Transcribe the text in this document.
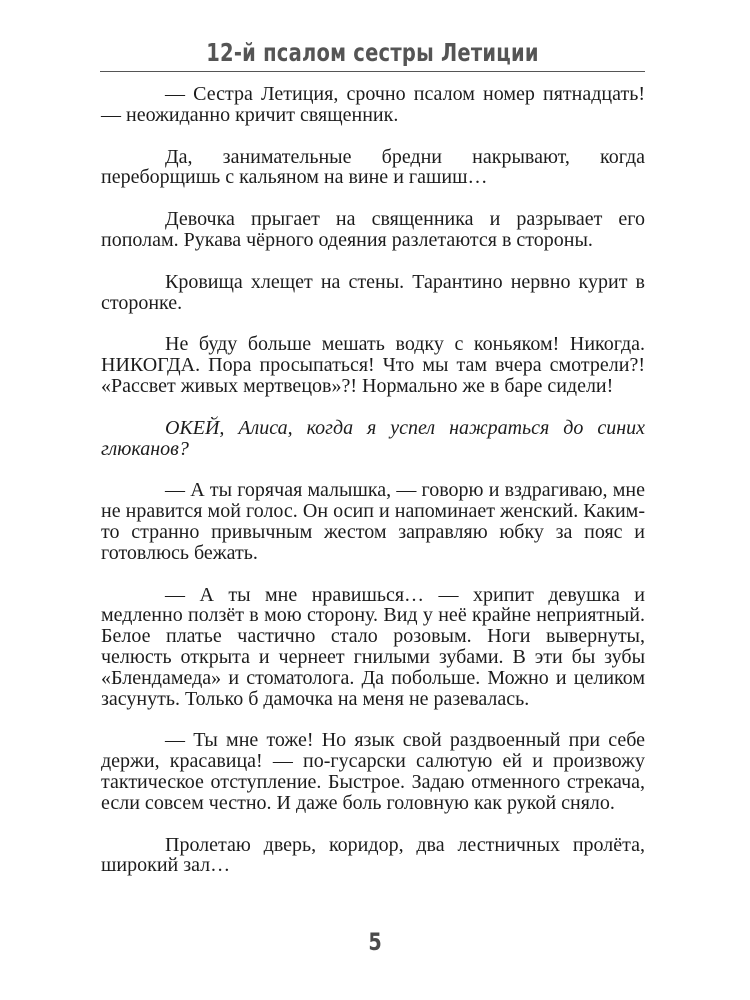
12-й псалом сестры Летиции

— Сестра Летиция, срочно псалом номер пятнадцать! — неожиданно кричит священник.

Да, занимательные бредни накрывают, когда переборщишь с кальяном на вине и гашиш…

Девочка прыгает на священника и разрывает его пополам. Рукава чёрного одеяния разлетаются в стороны.

Кровища хлещет на стены. Тарантино нервно курит в сторонке.

Не буду больше мешать водку с коньяком! Никогда. НИКОГДА. Пора просыпаться! Что мы там вчера смотрели?! «Рассвет живых мертвецов»?! Нормально же в баре сидели!

ОКЕЙ, Алиса, когда я успел нажраться до синих глюканов?

— А ты горячая малышка, — говорю и вздрагиваю, мне не нравится мой голос. Он осип и напоминает женский. Каким-то странно привычным жестом заправляю юбку за пояс и готовлюсь бежать.

— А ты мне нравишься… — хрипит девушка и медленно ползёт в мою сторону. Вид у неё крайне неприятный. Белое платье частично стало розовым. Ноги вывернуты, челюсть открыта и чернеет гнилыми зубами. В эти бы зубы «Блендамеда» и стоматолога. Да побольше. Можно и целиком засунуть. Только б дамочка на меня не разевалась.

— Ты мне тоже! Но язык свой раздвоенный при себе держи, красавица! — по-гусарски салютую ей и произвожу тактическое отступление. Быстрое. Задаю отменного стрекача, если совсем честно. И даже боль головную как рукой сняло.

Пролетаю дверь, коридор, два лестничных пролёта, широкий зал…

5
